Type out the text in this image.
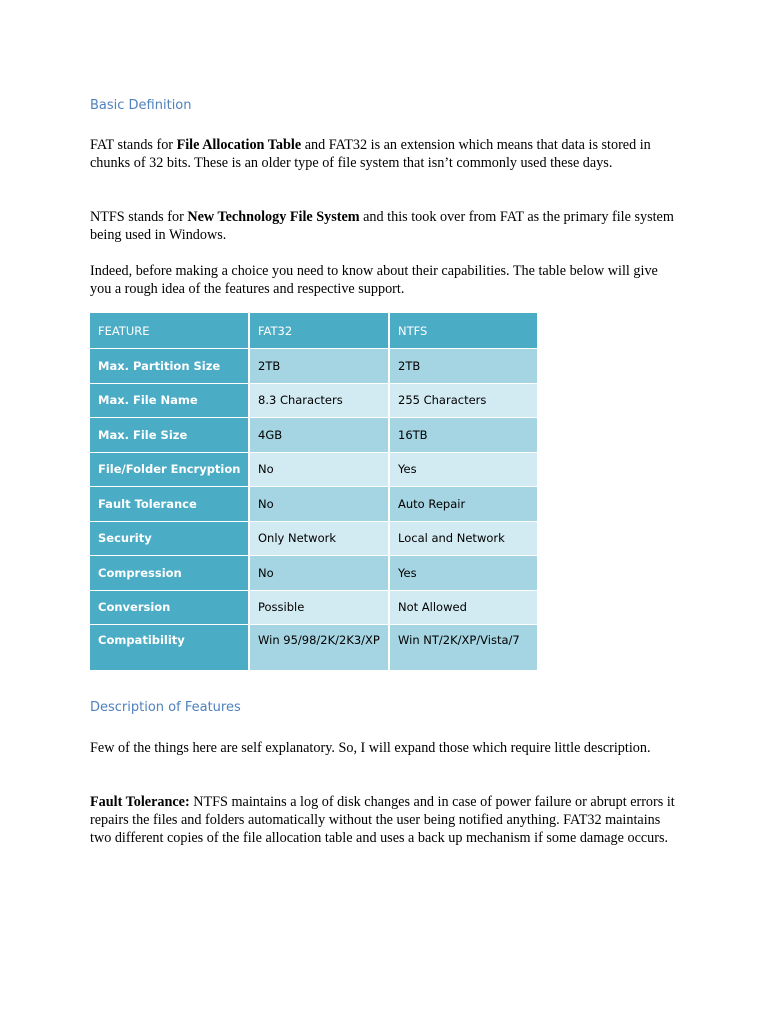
Basic Definition

FAT stands for File Allocation Table and FAT32 is an extension which means that data is stored in chunks of 32 bits. These is an older type of file system that isn’t commonly used these days.

NTFS stands for New Technology File System and this took over from FAT as the primary file system being used in Windows.

Indeed, before making a choice you need to know about their capabilities. The table below will give you a rough idea of the features and respective support.

FEATURE	FAT32	NTFS
Max. Partition Size	2TB	2TB
Max. File Name	8.3 Characters	255 Characters
Max. File Size	4GB	16TB
File/Folder Encryption	No	Yes
Fault Tolerance	No	Auto Repair
Security	Only Network	Local and Network
Compression	No	Yes
Conversion	Possible	Not Allowed
Compatibility	Win 95/98/2K/2K3/XP	Win NT/2K/XP/Vista/7
Description of Features

Few of the things here are self explanatory. So, I will expand those which require little description.

Fault Tolerance: NTFS maintains a log of disk changes and in case of power failure or abrupt errors it repairs the files and folders automatically without the user being notified anything. FAT32 maintains two different copies of the file allocation table and uses a back up mechanism if some damage occurs.
